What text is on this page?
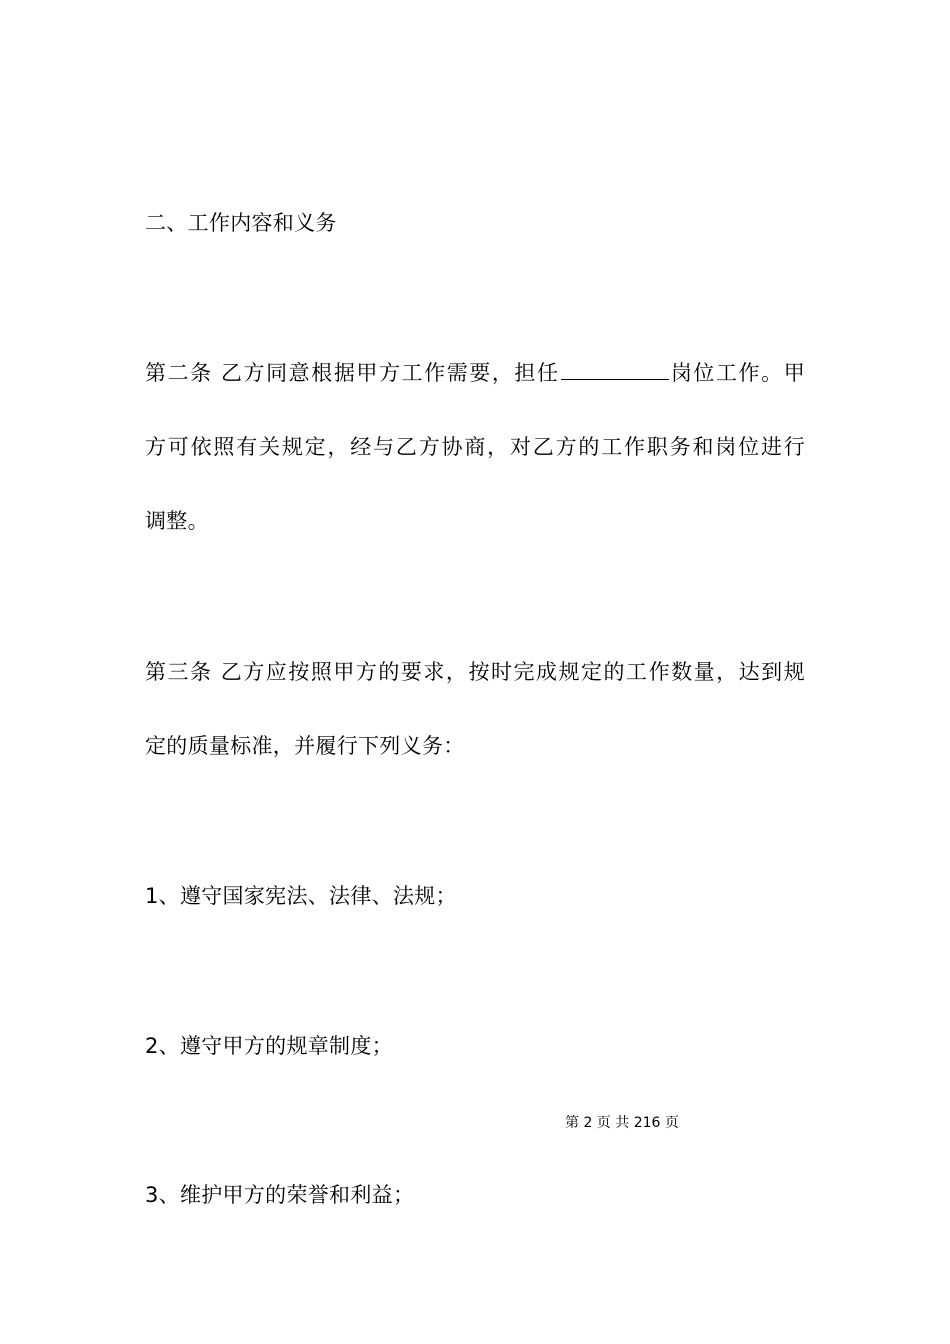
二、工作内容和义务
第二条 乙方同意根据甲方工作需要，担任	岗位工作。甲
方可依照有关规定，经与乙方协商，对乙方的工作职务和岗位进行
调整。
第三条 乙方应按照甲方的要求，按时完成规定的工作数量，达到规
定的质量标准，并履行下列义务：
1、遵守国家宪法、法律、法规；
2、遵守甲方的规章制度；
第 2 页 共 216 页
3、维护甲方的荣誉和利益；
